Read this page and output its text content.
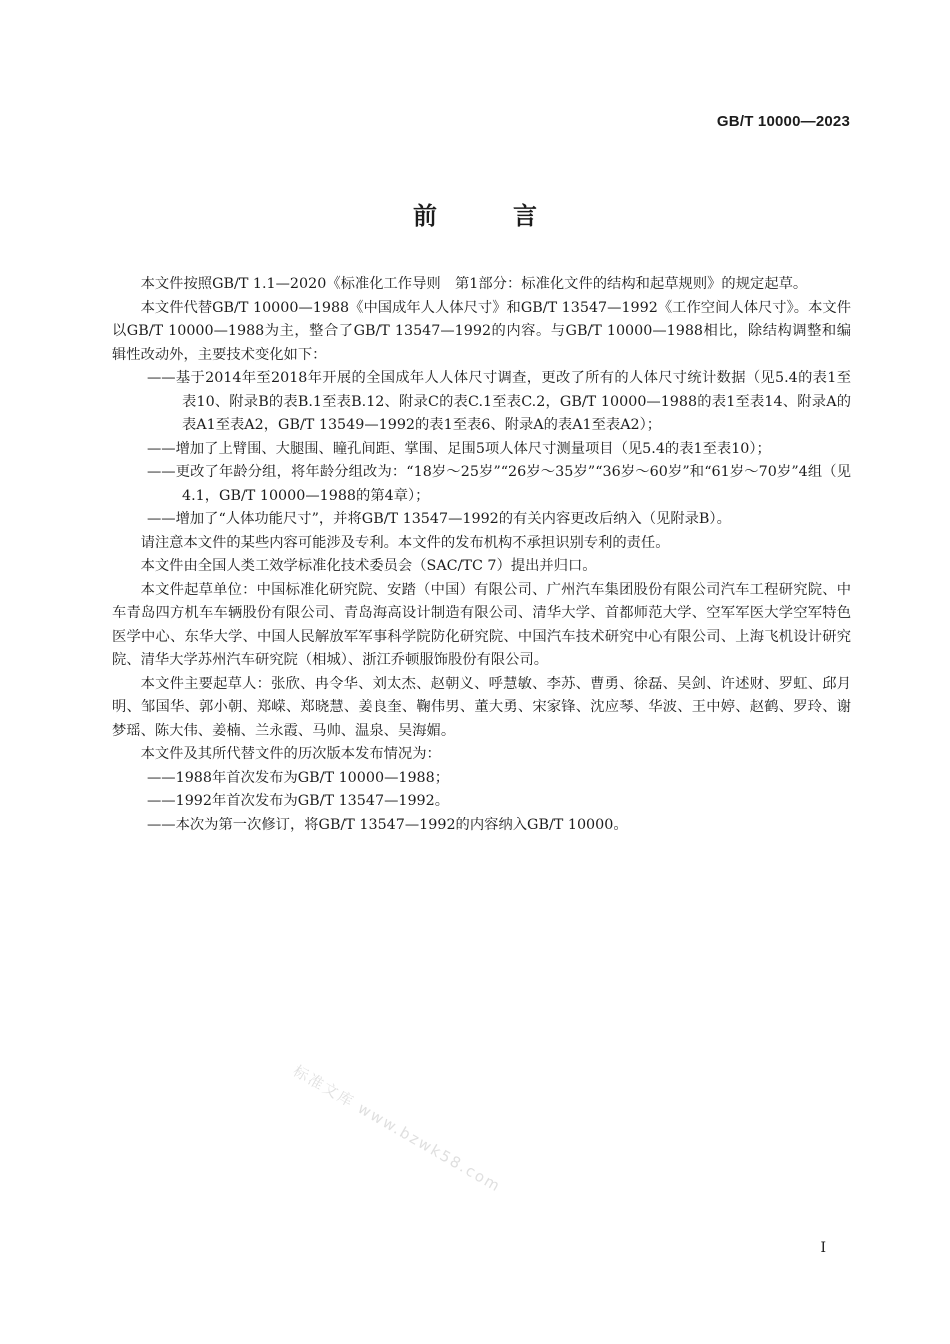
GB/T 10000—2023
前　言

本文件按照GB/T 1.1—2020《标准化工作导则　第1部分：标准化文件的结构和起草规则》的规定起草。

本文件代替GB/T 10000—1988《中国成年人人体尺寸》和GB/T 13547—1992《工作空间人体尺寸》。本文件以GB/T 10000—1988为主，整合了GB/T 13547—1992的内容。与GB/T 10000—1988相比，除结构调整和编辑性改动外，主要技术变化如下：

——基于2014年至2018年开展的全国成年人人体尺寸调查，更改了所有的人体尺寸统计数据（见5.4的表1至表10、附录B的表B.1至表B.12、附录C的表C.1至表C.2，GB/T 10000—1988的表1至表14、附录A的表A1至表A2，GB/T 13549—1992的表1至表6、附录A的表A1至表A2）；

——增加了上臂围、大腿围、瞳孔间距、掌围、足围5项人体尺寸测量项目（见5.4的表1至表10）；

——更改了年龄分组，将年龄分组改为：“18岁～25岁”“26岁～35岁”“36岁～60岁”和“61岁～70岁”4组（见4.1，GB/T 10000—1988的第4章）；

——增加了“人体功能尺寸”，并将GB/T 13547—1992的有关内容更改后纳入（见附录B）。

请注意本文件的某些内容可能涉及专利。本文件的发布机构不承担识别专利的责任。

本文件由全国人类工效学标准化技术委员会（SAC/TC 7）提出并归口。

本文件起草单位：中国标准化研究院、安踏（中国）有限公司、广州汽车集团股份有限公司汽车工程研究院、中车青岛四方机车车辆股份有限公司、青岛海高设计制造有限公司、清华大学、首都师范大学、空军军医大学空军特色医学中心、东华大学、中国人民解放军军事科学院防化研究院、中国汽车技术研究中心有限公司、上海飞机设计研究院、清华大学苏州汽车研究院（相城）、浙江乔顿服饰股份有限公司。

本文件主要起草人：张欣、冉令华、刘太杰、赵朝义、呼慧敏、李苏、曹勇、徐磊、吴剑、许述财、罗虹、邱月明、邹国华、郭小朝、郑嵘、郑晓慧、姜良奎、鞠伟男、董大勇、宋家锋、沈应琴、华波、王中婷、赵鹤、罗玲、谢梦瑶、陈大伟、姜楠、兰永霞、马帅、温泉、吴海媚。

本文件及其所代替文件的历次版本发布情况为：

——1988年首次发布为GB/T 10000—1988；

——1992年首次发布为GB/T 13547—1992。

——本次为第一次修订，将GB/T 13547—1992的内容纳入GB/T 10000。

标准文库 www.bzwk58.com
I
